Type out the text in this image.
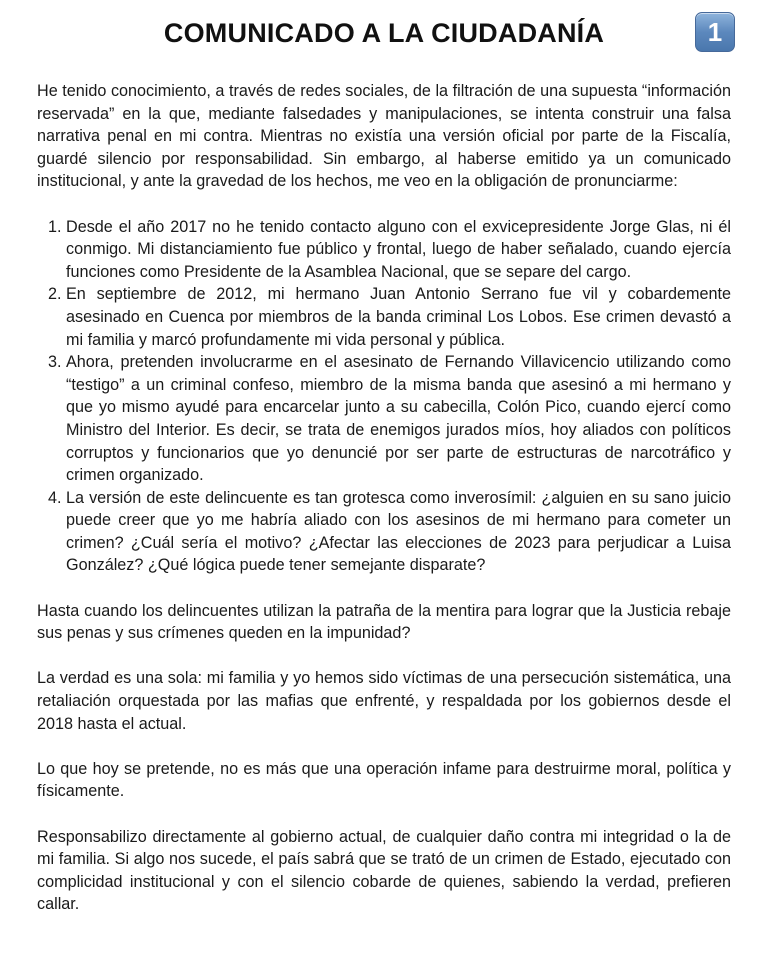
COMUNICADO A LA CIUDADANÍA	1

He tenido conocimiento, a través de redes sociales, de la filtración de una supuesta “información reservada” en la que, mediante falsedades y manipulaciones, se intenta construir una falsa narrativa penal en mi contra. Mientras no existía una versión oficial por parte de la Fiscalía, guardé silencio por responsabilidad. Sin embargo, al haberse emitido ya un comunicado institucional, y ante la gravedad de los hechos, me veo en la obligación de pronunciarme:

1. Desde el año 2017 no he tenido contacto alguno con el exvicepresidente Jorge Glas, ni él conmigo. Mi distanciamiento fue público y frontal, luego de haber señalado, cuando ejercía funciones como Presidente de la Asamblea Nacional, que se separe del cargo.
2. En septiembre de 2012, mi hermano Juan Antonio Serrano fue vil y cobardemente asesinado en Cuenca por miembros de la banda criminal Los Lobos. Ese crimen devastó a mi familia y marcó profundamente mi vida personal y pública.
3. Ahora, pretenden involucrarme en el asesinato de Fernando Villavicencio utilizando como “testigo” a un criminal confeso, miembro de la misma banda que asesinó a mi hermano y que yo mismo ayudé para encarcelar junto a su cabecilla, Colón Pico, cuando ejercí como Ministro del Interior. Es decir, se trata de enemigos jurados míos, hoy aliados con políticos corruptos y funcionarios que yo denuncié por ser parte de estructuras de narcotráfico y crimen organizado.
4. La versión de este delincuente es tan grotesca como inverosímil: ¿alguien en su sano juicio puede creer que yo me habría aliado con los asesinos de mi hermano para cometer un crimen? ¿Cuál sería el motivo? ¿Afectar las elecciones de 2023 para perjudicar a Luisa González? ¿Qué lógica puede tener semejante disparate?

Hasta cuando los delincuentes utilizan la patraña de la mentira para lograr que la Justicia rebaje sus penas y sus crímenes queden en la impunidad?

La verdad es una sola: mi familia y yo hemos sido víctimas de una persecución sistemática, una retaliación orquestada por las mafias que enfrenté, y respaldada por los gobiernos desde el 2018 hasta el actual.

Lo que hoy se pretende, no es más que una operación infame para destruirme moral, política y físicamente.

Responsabilizo directamente al gobierno actual, de cualquier daño contra mi integridad o la de mi familia. Si algo nos sucede, el país sabrá que se trató de un crimen de Estado, ejecutado con complicidad institucional y con el silencio cobarde de quienes, sabiendo la verdad, prefieren callar.
